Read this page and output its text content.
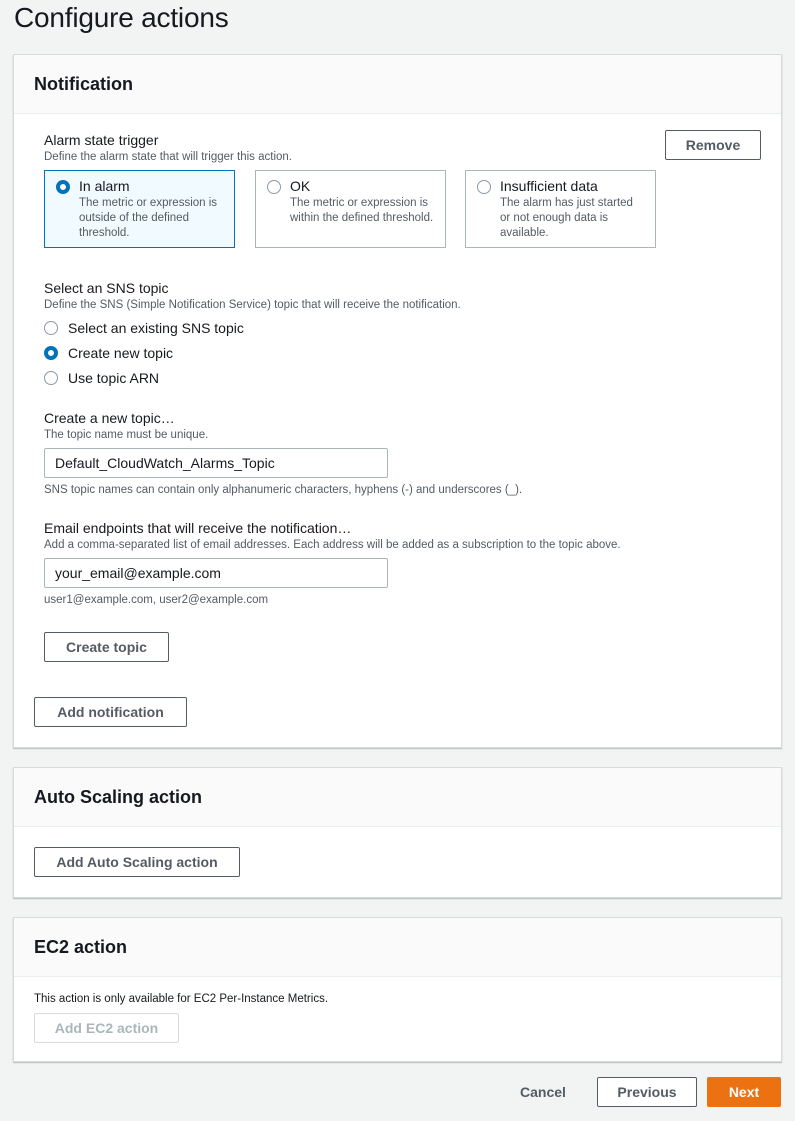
Configure actions
Notification
Alarm state trigger
Define the alarm state that will trigger this action.
Remove
In alarm
The metric or expression is outside of the defined threshold.
OK
The metric or expression is within the defined threshold.
Insufficient data
The alarm has just started or not enough data is available.
Select an SNS topic
Define the SNS (Simple Notification Service) topic that will receive the notification.
Select an existing SNS topic
Create new topic
Use topic ARN
Create a new topic…
The topic name must be unique.
Default_CloudWatch_Alarms_Topic
SNS topic names can contain only alphanumeric characters, hyphens (-) and underscores (_).
Email endpoints that will receive the notification…
Add a comma-separated list of email addresses. Each address will be added as a subscription to the topic above.
your_email@example.com
user1@example.com, user2@example.com
Create topic
Add notification
Auto Scaling action
Add Auto Scaling action
EC2 action
This action is only available for EC2 Per-Instance Metrics.
Add EC2 action
Cancel	Previous	Next
